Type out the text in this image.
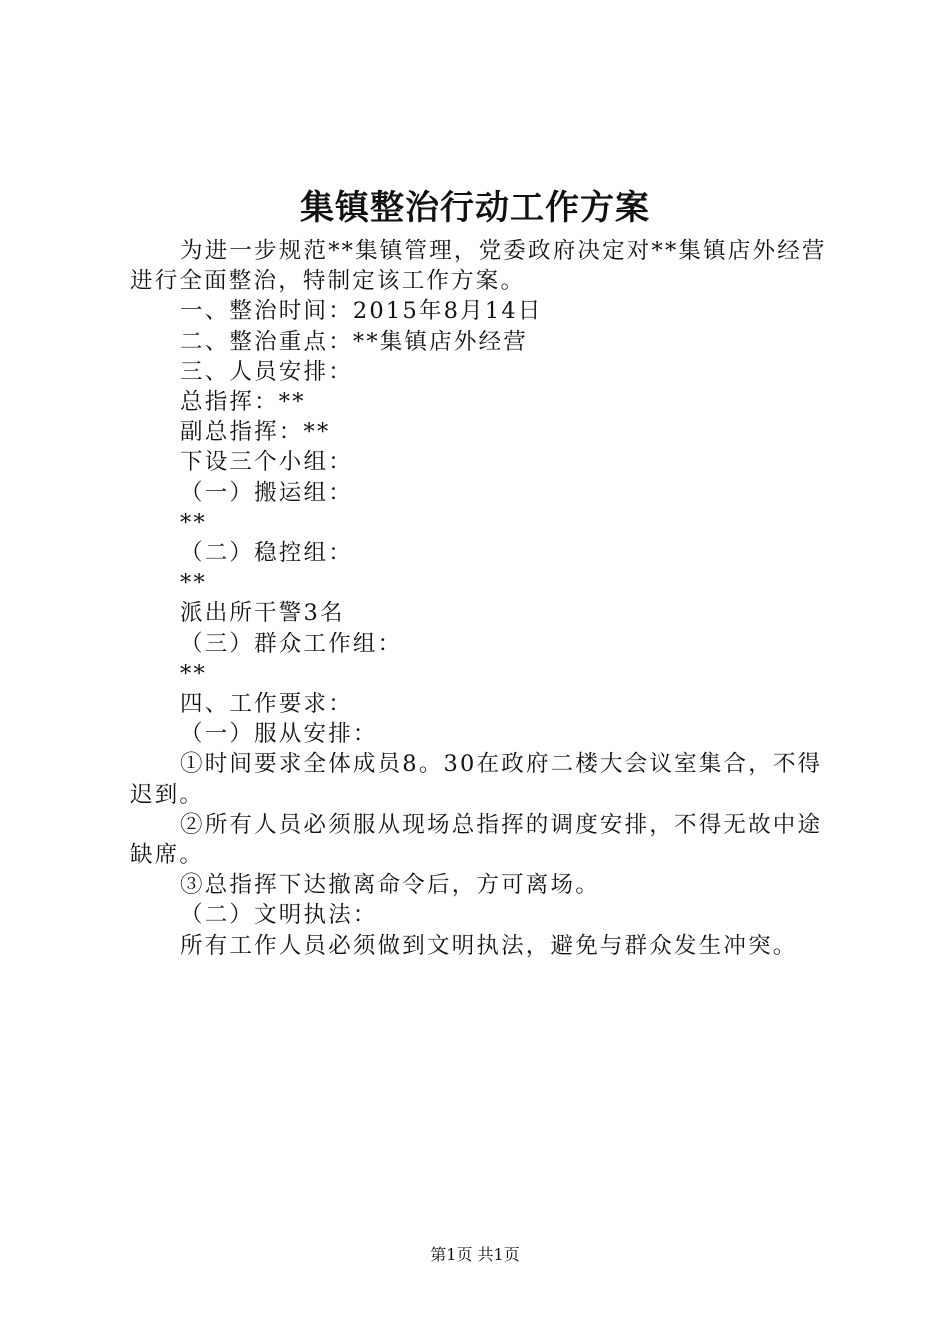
集镇整治行动工作方案

为进一步规范**集镇管理，党委政府决定对**集镇店外经营进行全面整治，特制定该工作方案。

一、整治时间：2015年8月14日

二、整治重点：**集镇店外经营

三、人员安排：

总指挥：**

副总指挥：**

下设三个小组：

（一）搬运组：

**

（二）稳控组：

**

派出所干警3名

（三）群众工作组：

**

四、工作要求：

（一）服从安排：

①时间要求全体成员8。30在政府二楼大会议室集合，不得迟到。

②所有人员必须服从现场总指挥的调度安排，不得无故中途缺席。

③总指挥下达撤离命令后，方可离场。

（二）文明执法：

所有工作人员必须做到文明执法，避免与群众发生冲突。

第1页 共1页
